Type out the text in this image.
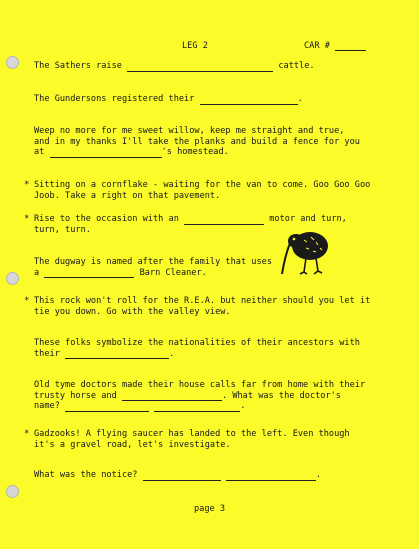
LEG 2	CAR #
The Sathers raise	cattle.
The Gundersons registered their	.
Weep no more for me sweet willow, keep me straight and true,
and in my thanks I'll take the planks and build a fence for you
at	's homestead.
* Sitting on a cornflake - waiting for the van to come. Goo Goo Goo
Joob. Take a right on that pavement.
* Rise to the occasion with an	motor and turn,
turn, turn.
The dugway is named after the family that uses
a	Barn Cleaner.
* This rock won't roll for the R.E.A. but neither should you let it
tie you down. Go with the valley view.
These folks symbolize the nationalities of their ancestors with
their	.
Old tyme doctors made their house calls far from home with their
trusty horse and	. What was the doctor's
name?	.
* Gadzooks! A flying saucer has landed to the left. Even though
it's a gravel road, let's investigate.
What was the notice?	.
page 3
